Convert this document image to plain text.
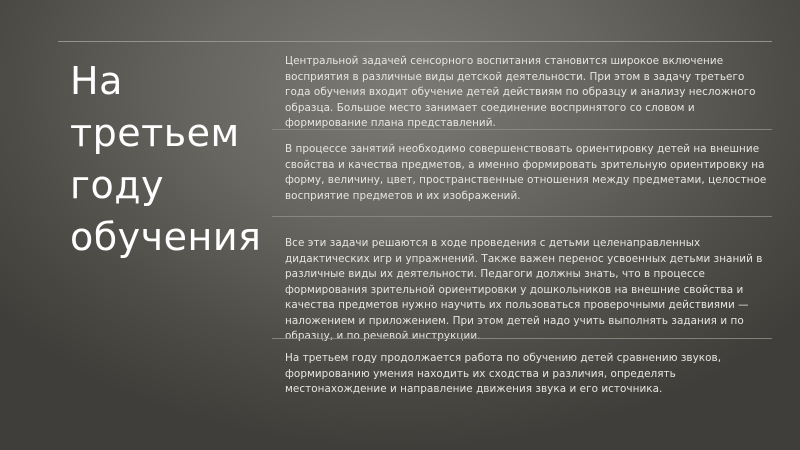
На
третьем
году
обучения
Центральной задачей сенсорного воспитания становится широкое включение восприятия в различные виды детской деятельности. При этом в задачу третьего года обучения входит обучение детей действиям по образцу и анализу несложного образца. Большое место занимает соединение воспринятого со словом и формирование плана представлений.
В процессе занятий необходимо совершенствовать ориентировку детей на внешние свойства и качества предметов, а именно формировать зрительную ориентировку на форму, величину, цвет, пространственные отношения между предметами, целостное восприятие предметов и их изображений.
Все эти задачи решаются в ходе проведения с детьми целенаправленных дидактических игр и упражнений. Также важен перенос усвоенных детьми знаний в различные виды их деятельности. Педагоги должны знать, что в процессе формирования зрительной ориентировки у дошкольников на внешние свойства и качества предметов нужно научить их пользоваться проверочными действиями — наложением и приложением. При этом детей надо учить выполнять задания и по образцу, и по речевой инструкции.
На третьем году продолжается работа по обучению детей сравнению звуков, формированию умения находить их сходства и различия, определять местонахождение и направление движения звука и его источника.
